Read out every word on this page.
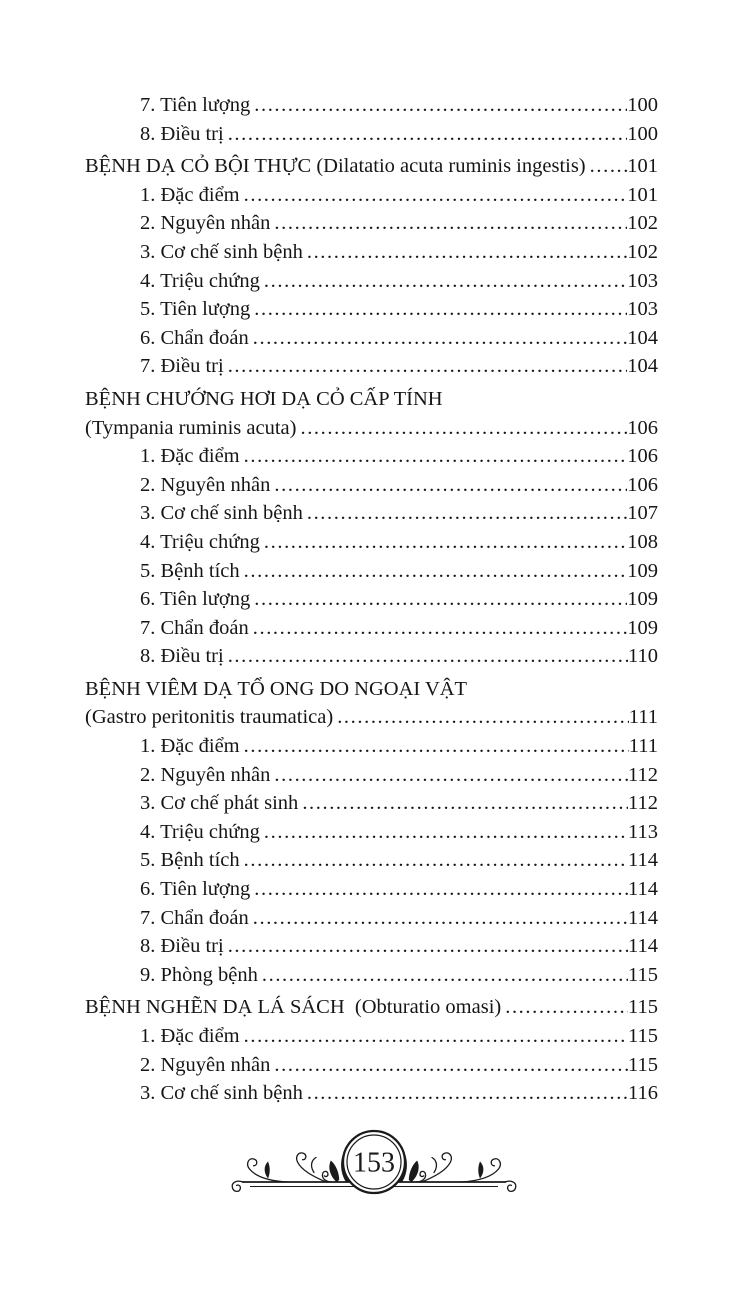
7. Tiên lượng .....	100
8. Điều trị .....	100
BỆNH DẠ CỎ BỘI THỰC (Dilatatio acuta ruminis ingestis) ..... 101
1. Đặc điểm .....	101
2. Nguyên nhân .....	102
3. Cơ chế sinh bệnh .....	102
4. Triệu chứng .....	103
5. Tiên lượng .....	103
6. Chẩn đoán .....	104
7. Điều trị .....	104
BỆNH CHƯỚNG HƠI DẠ CỎ CẤP TÍNH
(Tympania ruminis acuta) .....	106
1. Đặc điểm .....	106
2. Nguyên nhân .....	106
3. Cơ chế sinh bệnh .....	107
4. Triệu chứng .....	108
5. Bệnh tích .....	109
6. Tiên lượng .....	109
7. Chẩn đoán .....	109
8. Điều trị .....	110
BỆNH VIÊM DẠ TỔ ONG DO NGOẠI VẬT
(Gastro peritonitis traumatica) .....	111
1. Đặc điểm .....	111
2. Nguyên nhân .....	112
3. Cơ chế phát sinh .....	112
4. Triệu chứng .....	113
5. Bệnh tích .....	114
6. Tiên lượng .....	114
7. Chẩn đoán .....	114
8. Điều trị .....	114
9. Phòng bệnh .....	115
BỆNH NGHẼN DẠ LÁ SÁCH  (Obturatio omasi) .....	115
1. Đặc điểm .....	115
2. Nguyên nhân .....	115
3. Cơ chế sinh bệnh .....	116
153
